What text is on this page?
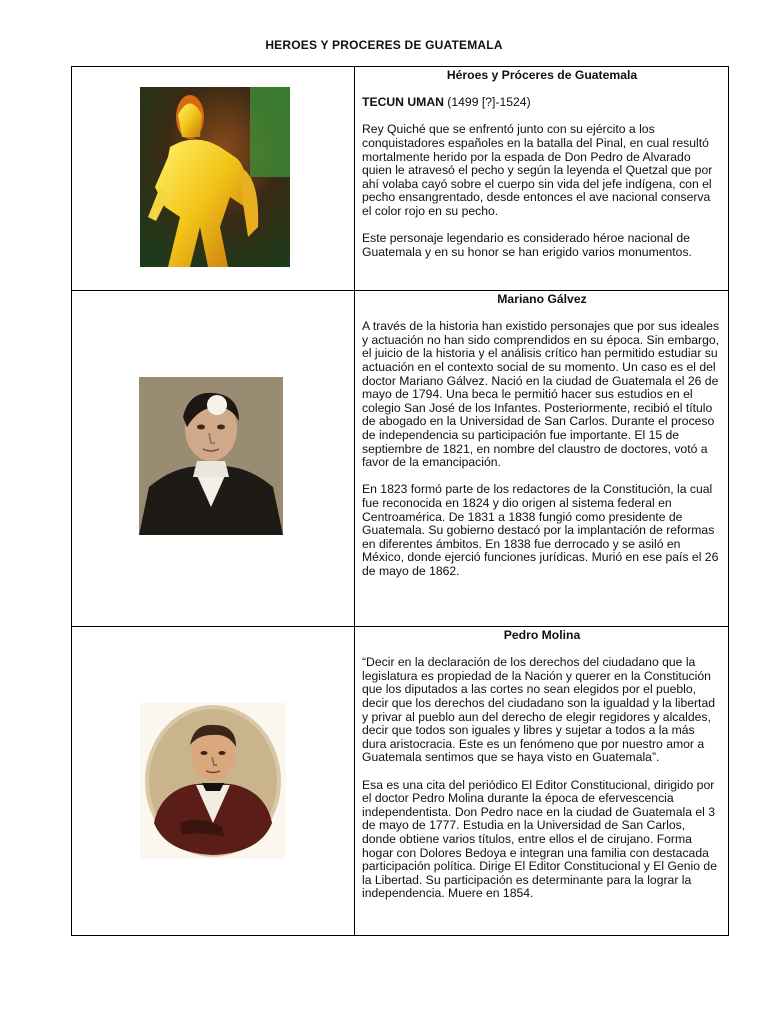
HEROES Y PROCERES DE GUATEMALA

Héroes y Próceres de Guatemala

TECUN UMAN (1499 [?]-1524)

Rey Quiché que se enfrentó junto con su ejército a los conquistadores españoles en la batalla del Pinal, en cual resultó mortalmente herido por la espada de Don Pedro de Alvarado quien le atravesó el pecho y según la leyenda el Quetzal que por ahí volaba cayó sobre el cuerpo sin vida del jefe indígena, con el pecho ensangrentado, desde entonces el ave nacional conserva el color rojo en su pecho.

Este personaje legendario es considerado héroe nacional de Guatemala y en su honor se han erigido varios monumentos.

Mariano Gálvez

A través de la historia han existido personajes que por sus ideales y actuación no han sido comprendidos en su época. Sin embargo, el juicio de la historia y el análisis crítico han permitido estudiar su actuación en el contexto social de su momento. Un caso es el del doctor Mariano Gálvez. Nació en la ciudad de Guatemala el 26 de mayo de 1794. Una beca le permitió hacer sus estudios en el colegio San José de los Infantes. Posteriormente, recibió el título de abogado en la Universidad de San Carlos. Durante el proceso de independencia su participación fue importante. El 15 de septiembre de 1821, en nombre del claustro de doctores, votó a favor de la emancipación.

En 1823 formó parte de los redactores de la Constitución, la cual fue reconocida en 1824 y dio origen al sistema federal en Centroamérica. De 1831 a 1838 fungió como presidente de Guatemala. Su gobierno destacó por la implantación de reformas en diferentes ámbitos. En 1838 fue derrocado y se asiló en México, donde ejerció funciones jurídicas. Murió en ese país el 26 de mayo de 1862.

Pedro Molina

“Decir en la declaración de los derechos del ciudadano que la legislatura es propiedad de la Nación y querer en la Constitución que los diputados a las cortes no sean elegidos por el pueblo, decir que los derechos del ciudadano son la igualdad y la libertad y privar al pueblo aun del derecho de elegir regidores y alcaldes, decir que todos son iguales y libres y sujetar a todos a la más dura aristocracia. Este es un fenómeno que por nuestro amor a Guatemala sentimos que se haya visto en Guatemala”.

Esa es una cita del periódico El Editor Constitucional, dirigido por el doctor Pedro Molina durante la época de efervescencia independentista. Don Pedro nace en la ciudad de Guatemala el 3 de mayo de 1777. Estudia en la Universidad de San Carlos, donde obtiene varios títulos, entre ellos el de cirujano. Forma hogar con Dolores Bedoya e integran una familia con destacada participación política. Dirige El Editor Constitucional y El Genio de la Libertad. Su participación es determinante para la lograr la independencia. Muere en 1854.
